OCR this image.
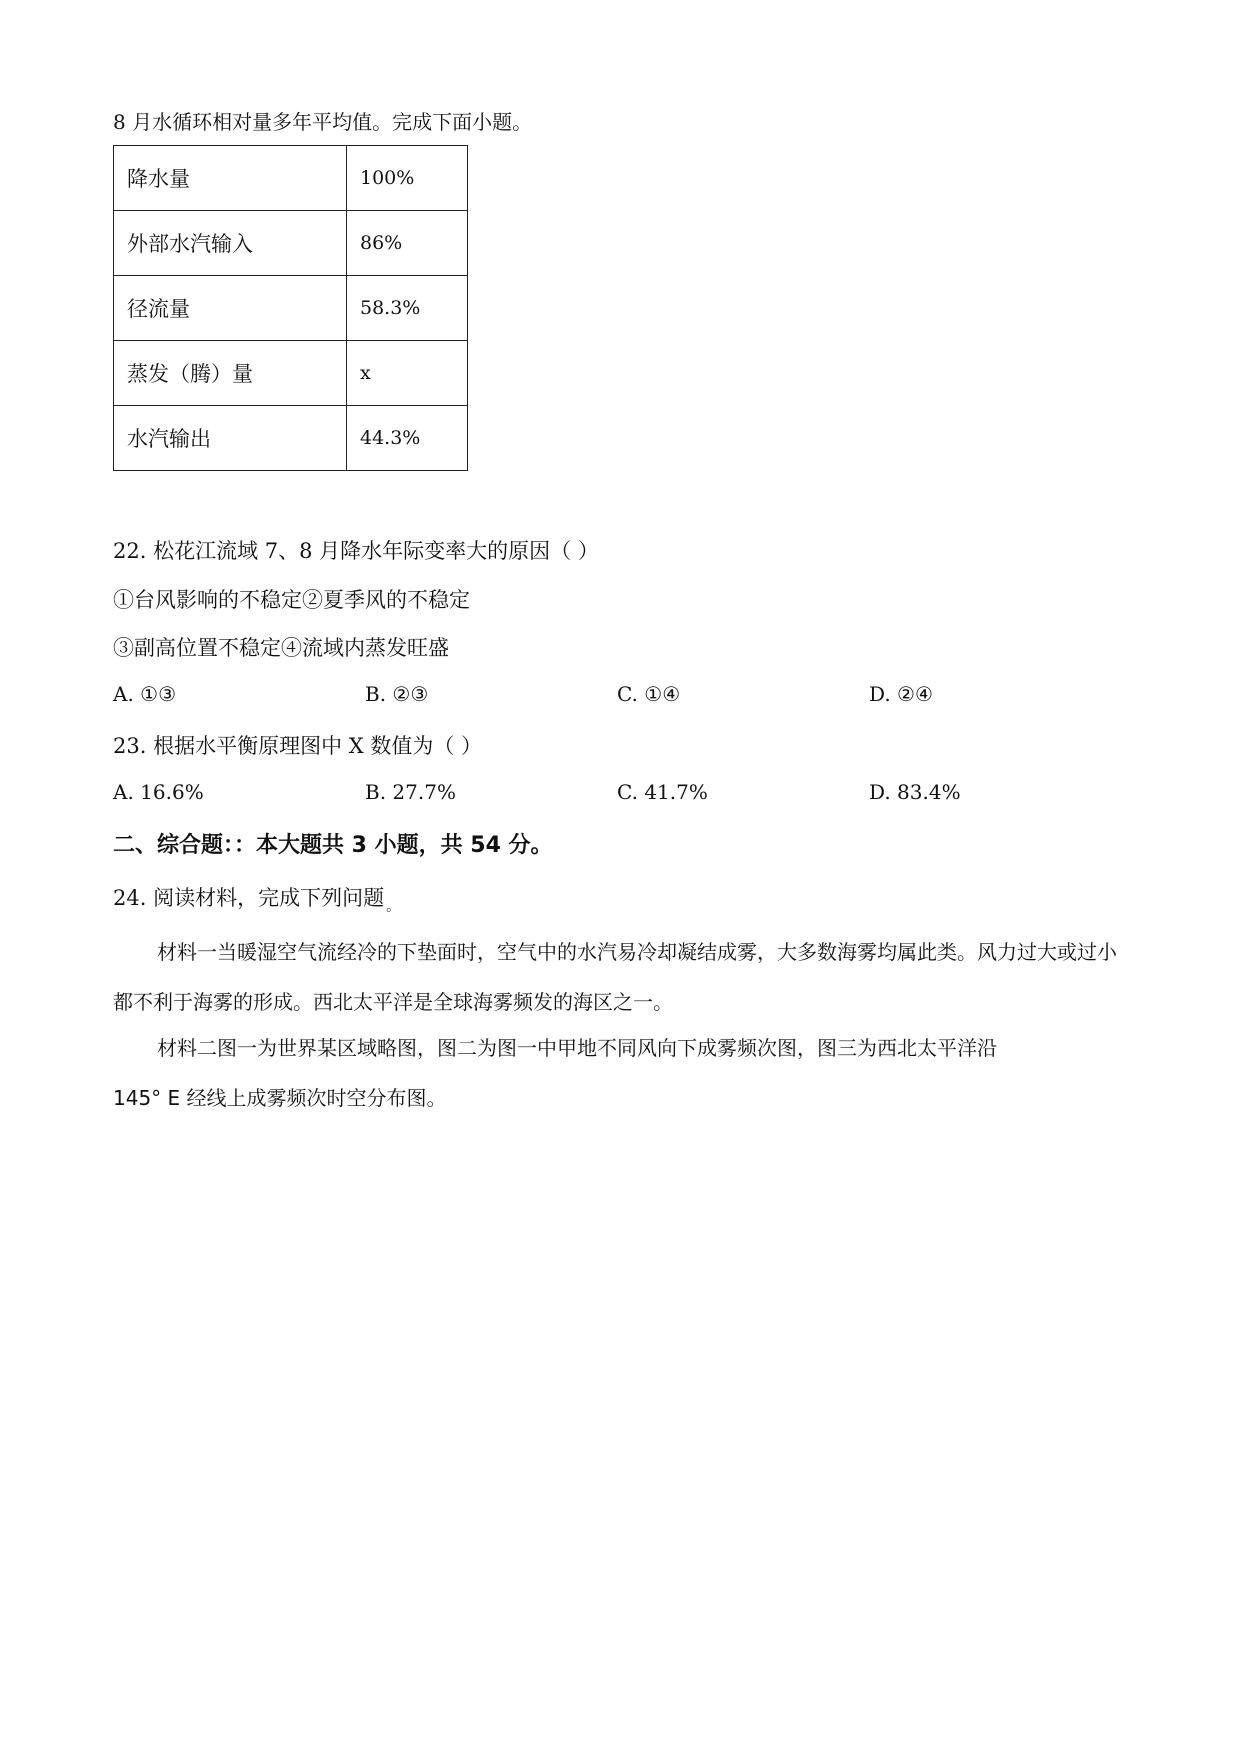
8 月水循环相对量多年平均值。完成下面小题。
降水量	100%
外部水汽输入	86%
径流量	58.3%
蒸发（腾）量	x
水汽输出	44.3%
22. 松花江流域 7、8 月降水年际变率大的原因（ ）
①台风影响的不稳定②夏季风的不稳定
③副高位置不稳定④流域内蒸发旺盛
A. ①③	B. ②③	C. ①④	D. ②④
23. 根据水平衡原理图中 X 数值为（ ）
A. 16.6%	B. 27.7%	C. 41.7%	D. 83.4%
二、综合题：：本大题共 3 小题，共 54 分。
24. 阅读材料，完成下列问题 $_。$
材料一当暖湿空气流经冷的下垫面时，空气中的水汽易冷却凝结成雾，大多数海雾均属此类。风力过大或过小都不利于海雾的形成。西北太平洋是全球海雾频发的海区之一。
材料二图一为世界某区域略图，图二为图一中甲地不同风向下成雾频次图，图三为西北太平洋沿
145° E 经线上成雾频次时空分布图。
